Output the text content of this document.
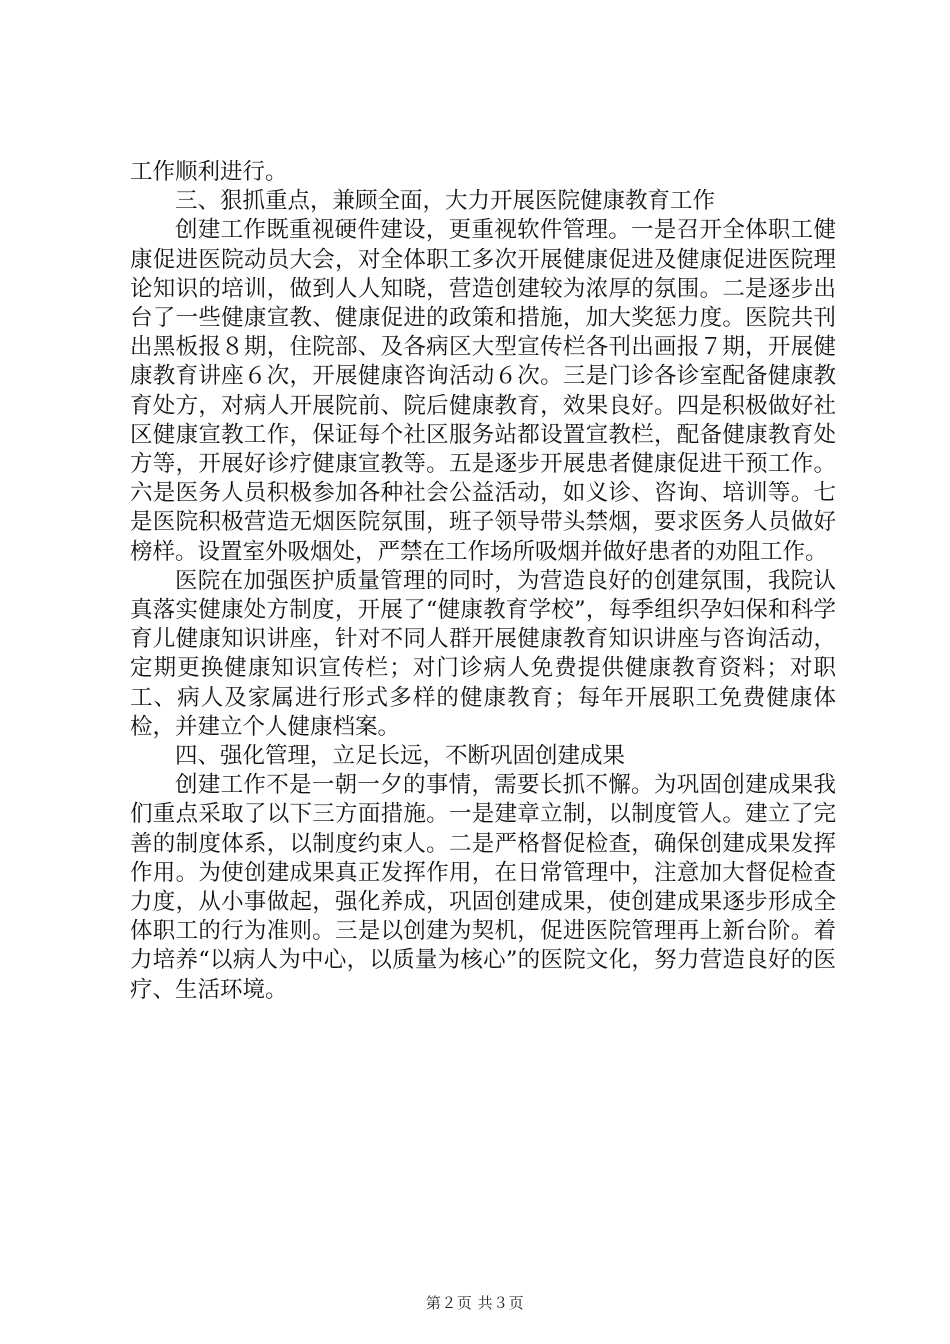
工作顺利进行。

三、狠抓重点，兼顾全面，大力开展医院健康教育工作

创建工作既重视硬件建设，更重视软件管理。一是召开全体职工健康促进医院动员大会，对全体职工多次开展健康促进及健康促进医院理论知识的培训，做到人人知晓，营造创建较为浓厚的氛围。二是逐步出台了一些健康宣教、健康促进的政策和措施，加大奖惩力度。医院共刊出黑板报８期，住院部、及各病区大型宣传栏各刊出画报７期，开展健康教育讲座６次，开展健康咨询活动６次。三是门诊各诊室配备健康教育处方，对病人开展院前、院后健康教育，效果良好。四是积极做好社区健康宣教工作，保证每个社区服务站都设置宣教栏，配备健康教育处方等，开展好诊疗健康宣教等。五是逐步开展患者健康促进干预工作。六是医务人员积极参加各种社会公益活动，如义诊、咨询、培训等。七是医院积极营造无烟医院氛围，班子领导带头禁烟，要求医务人员做好榜样。设置室外吸烟处，严禁在工作场所吸烟并做好患者的劝阻工作。

医院在加强医护质量管理的同时，为营造良好的创建氛围，我院认真落实健康处方制度，开展了“健康教育学校”，每季组织孕妇保和科学育儿健康知识讲座，针对不同人群开展健康教育知识讲座与咨询活动，定期更换健康知识宣传栏；对门诊病人免费提供健康教育资料；对职工、病人及家属进行形式多样的健康教育；每年开展职工免费健康体检，并建立个人健康档案。

四、强化管理，立足长远，不断巩固创建成果

创建工作不是一朝一夕的事情，需要长抓不懈。为巩固创建成果我们重点采取了以下三方面措施。一是建章立制，以制度管人。建立了完善的制度体系，以制度约束人。二是严格督促检查，确保创建成果发挥作用。为使创建成果真正发挥作用，在日常管理中，注意加大督促检查力度，从小事做起，强化养成，巩固创建成果，使创建成果逐步形成全体职工的行为准则。三是以创建为契机，促进医院管理再上新台阶。着力培养“以病人为中心，以质量为核心”的医院文化，努力营造良好的医疗、生活环境。

第２页 共３页
